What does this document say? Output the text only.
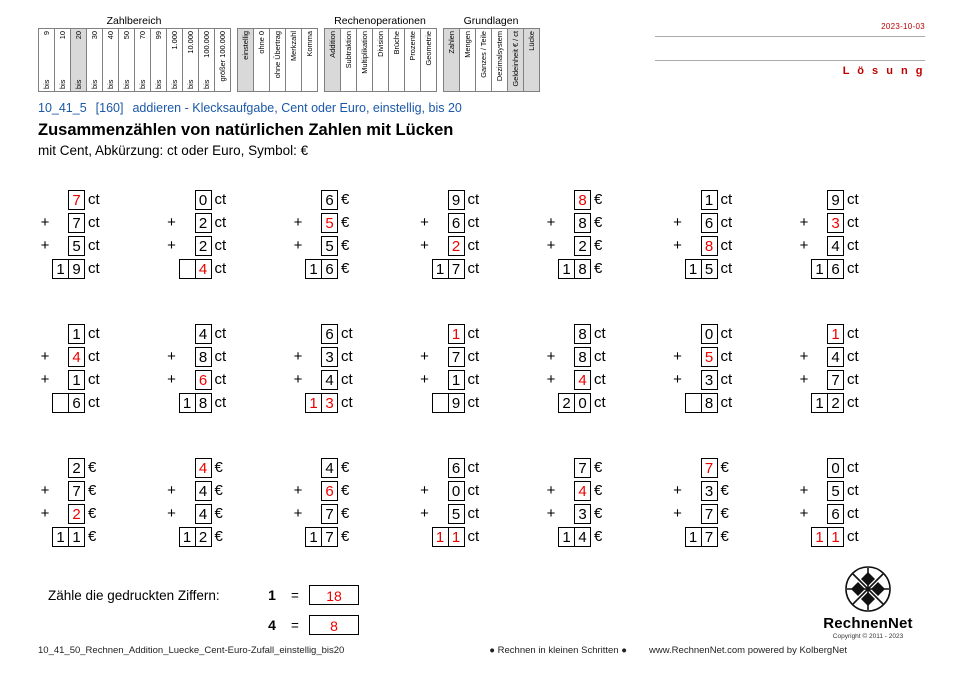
Zahlbereich
9
bis
10
bis
20
bis
30
bis
40
bis
50
bis
70
bis
99
bis
1.000
bis
10.000
bis
100.000
bis
größer 100.000	einstellig ohne 0 ohne Übertrag Merkzahl Komma
Rechenoperationen
Addition Subtraktion Multiplikation Division Brüche Prozente Geometrie
Grundlagen
Zahlen Mengen Ganzes / Teile Dezimalsystem Geldeinheit € / ct Lücke
2023-10-03
L ö s u n g
10_41_5 [160] addieren - Klecksaufgabe, Cent oder Euro, einstellig, bis 20
Zusammenzählen von natürlichen Zahlen mit Lücken
mit Cent, Abkürzung: ct oder Euro, Symbol: €
7 ct
+ 7 ct
+ 5 ct
1 9 ct
0 ct
+ 2 ct
+ 2 ct
4 ct
6 €
+ 5 €
+ 5 €
1 6 €
9 ct
+ 6 ct
+ 2 ct
1 7 ct
8 €
+ 8 €
+ 2 €
1 8 €
1 ct
+ 6 ct
+ 8 ct
1 5 ct
9 ct
+ 3 ct
+ 4 ct
1 6 ct
1 ct
+ 4 ct
+ 1 ct
6 ct
4 ct
+ 8 ct
+ 6 ct
1 8 ct
6 ct
+ 3 ct
+ 4 ct
1 3 ct
1 ct
+ 7 ct
+ 1 ct
9 ct
8 ct
+ 8 ct
+ 4 ct
2 0 ct
0 ct
+ 5 ct
+ 3 ct
8 ct
1 ct
+ 4 ct
+ 7 ct
1 2 ct
2 €
+ 7 €
+ 2 €
1 1 €
4 €
+ 4 €
+ 4 €
1 2 €
4 €
+ 6 €
+ 7 €
1 7 €
6 ct
+ 0 ct
+ 5 ct
1 1 ct
7 €
+ 4 €
+ 3 €
1 4 €
7 €
+ 3 €
+ 7 €
1 7 €
0 ct
+ 5 ct
+ 6 ct
1 1 ct
Zähle die gedruckten Ziffern:	1	=	18
4	=	8	RechnenNet
Copyright © 2011 - 2023
10_41_50_Rechnen_Addition_Luecke_Cent-Euro-Zufall_einstellig_bis20	● Rechnen in kleinen Schritten ● www.RechnenNet.com powered by KolbergNet
